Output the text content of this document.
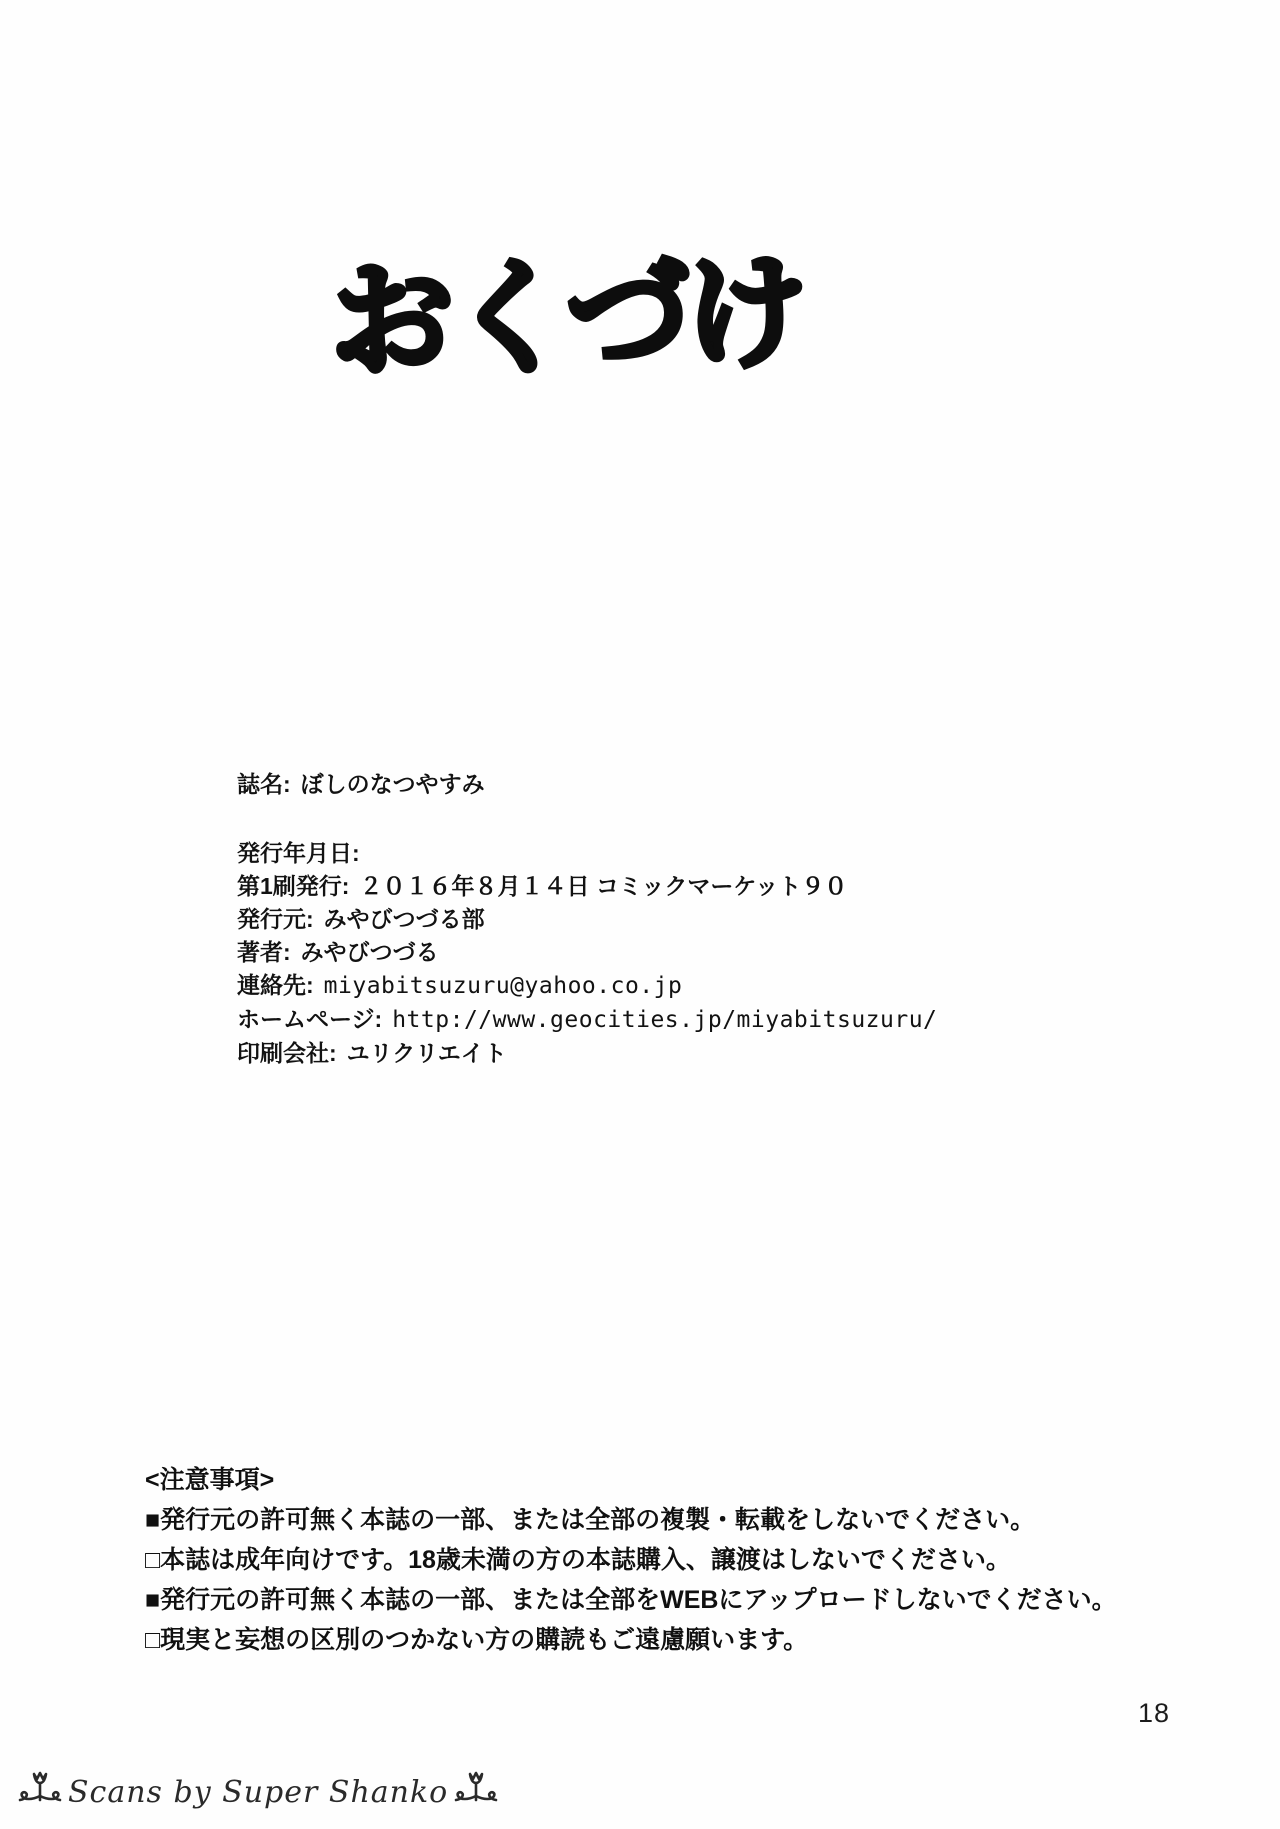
おくづけ
誌名: ぼしのなつやすみ
発行年月日:
第1刷発行: ２０１６年８月１４日 コミックマーケット９０
発行元: みやびつづる部
著者: みやびつづる
連絡先: miyabitsuzuru@yahoo.co.jp
ホームページ: http://www.geocities.jp/miyabitsuzuru/
印刷会社: ユリクリエイト
<注意事項>
■発行元の許可無く本誌の一部、または全部の複製・転載をしないでください。
□本誌は成年向けです。18歳未満の方の本誌購入、譲渡はしないでください。
■発行元の許可無く本誌の一部、または全部をWEBにアップロードしないでください。
□現実と妄想の区別のつかない方の購読もご遠慮願います。
18
Scans by Super Shanko
